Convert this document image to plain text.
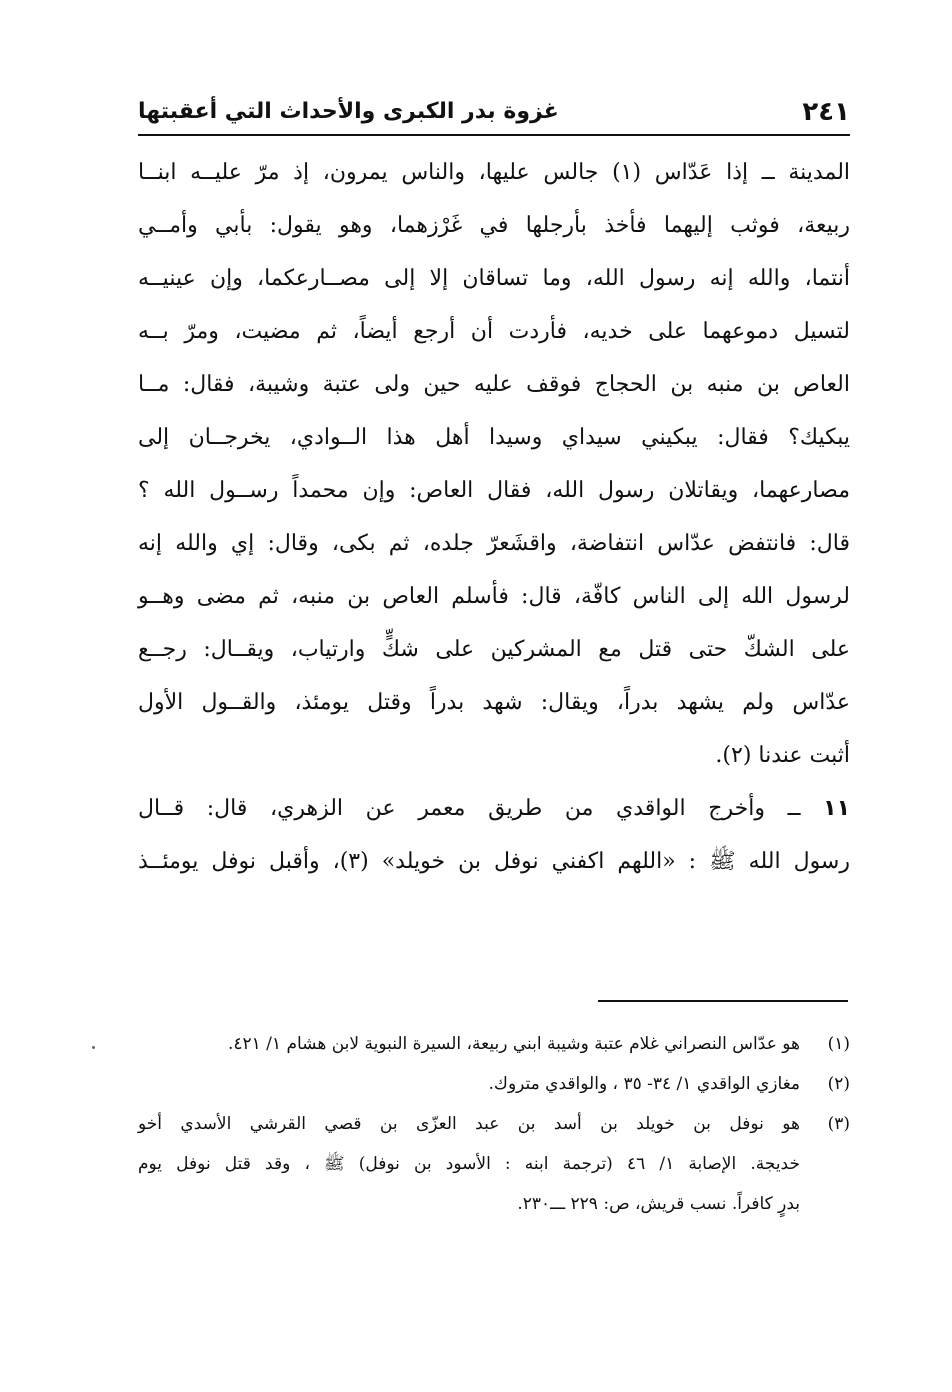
٢٤١
غزوة بدر الكبرى والأحداث التي أعقبتها
المدينة ــ إذا عَدّاس (١) جالس عليها، والناس يمرون، إذ مرّ عليــه ابنــا
ربيعة، فوثب إليهما فأخذ بأرجلها في غَرْزهما، وهو يقول: بأبي وأمــي
أنتما، والله إنه رسول الله، وما تساقان إلا إلى مصــارعكما، وإن عينيــه
لتسيل دموعهما على خديه، فأردت أن أرجع أيضاً، ثم مضيت، ومرّ بــه
العاص بن منبه بن الحجاج فوقف عليه حين ولى عتبة وشيبة، فقال: مــا
يبكيك؟ فقال: يبكيني سيداي وسيدا أهل هذا الــوادي، يخرجــان إلى
مصارعهما، ويقاتلان رسول الله، فقال العاص: وإن محمداً رســول الله ؟
قال: فانتفض عدّاس انتفاضة، واقشَعرّ جلده، ثم بكى، وقال: إي والله إنه
لرسول الله إلى الناس كافّة، قال: فأسلم العاص بن منبه، ثم مضى وهــو
على الشكّ حتى قتل مع المشركين على شكٍّ وارتياب، ويقــال: رجــع
عدّاس ولم يشهد بدراً، ويقال: شهد بدراً وقتل يومئذ، والقــول الأول
أثبت عندنا (٢).
١١ ــ وأخرج الواقدي من طريق معمر عن الزهري، قال: قــال
رسول الله ﷺ : «اللهم اكفني نوفل بن خويلد» (٣)، وأقبل نوفل يومئــذ
(١)
هو عدّاس النصراني غلام عتبة وشيبة ابني ربيعة، السيرة النبوية لابن هشام ١/ ٤٢١.
(٢)
مغازي الواقدي ١/ ٣٤- ٣٥ ، والواقدي متروك.
(٣)
هو نوفل بن خويلد بن أسد بن عبد العزّى بن قصي القرشي الأسدي أخو
خديجة. الإصابة ١/ ٤٦ (ترجمة ابنه : الأسود بن نوفل) ﷺ ، وقد قتل نوفل يوم
بدرٍ كافراً. نسب قريش، ص: ٢٢٩ ـــ٢٣٠.
